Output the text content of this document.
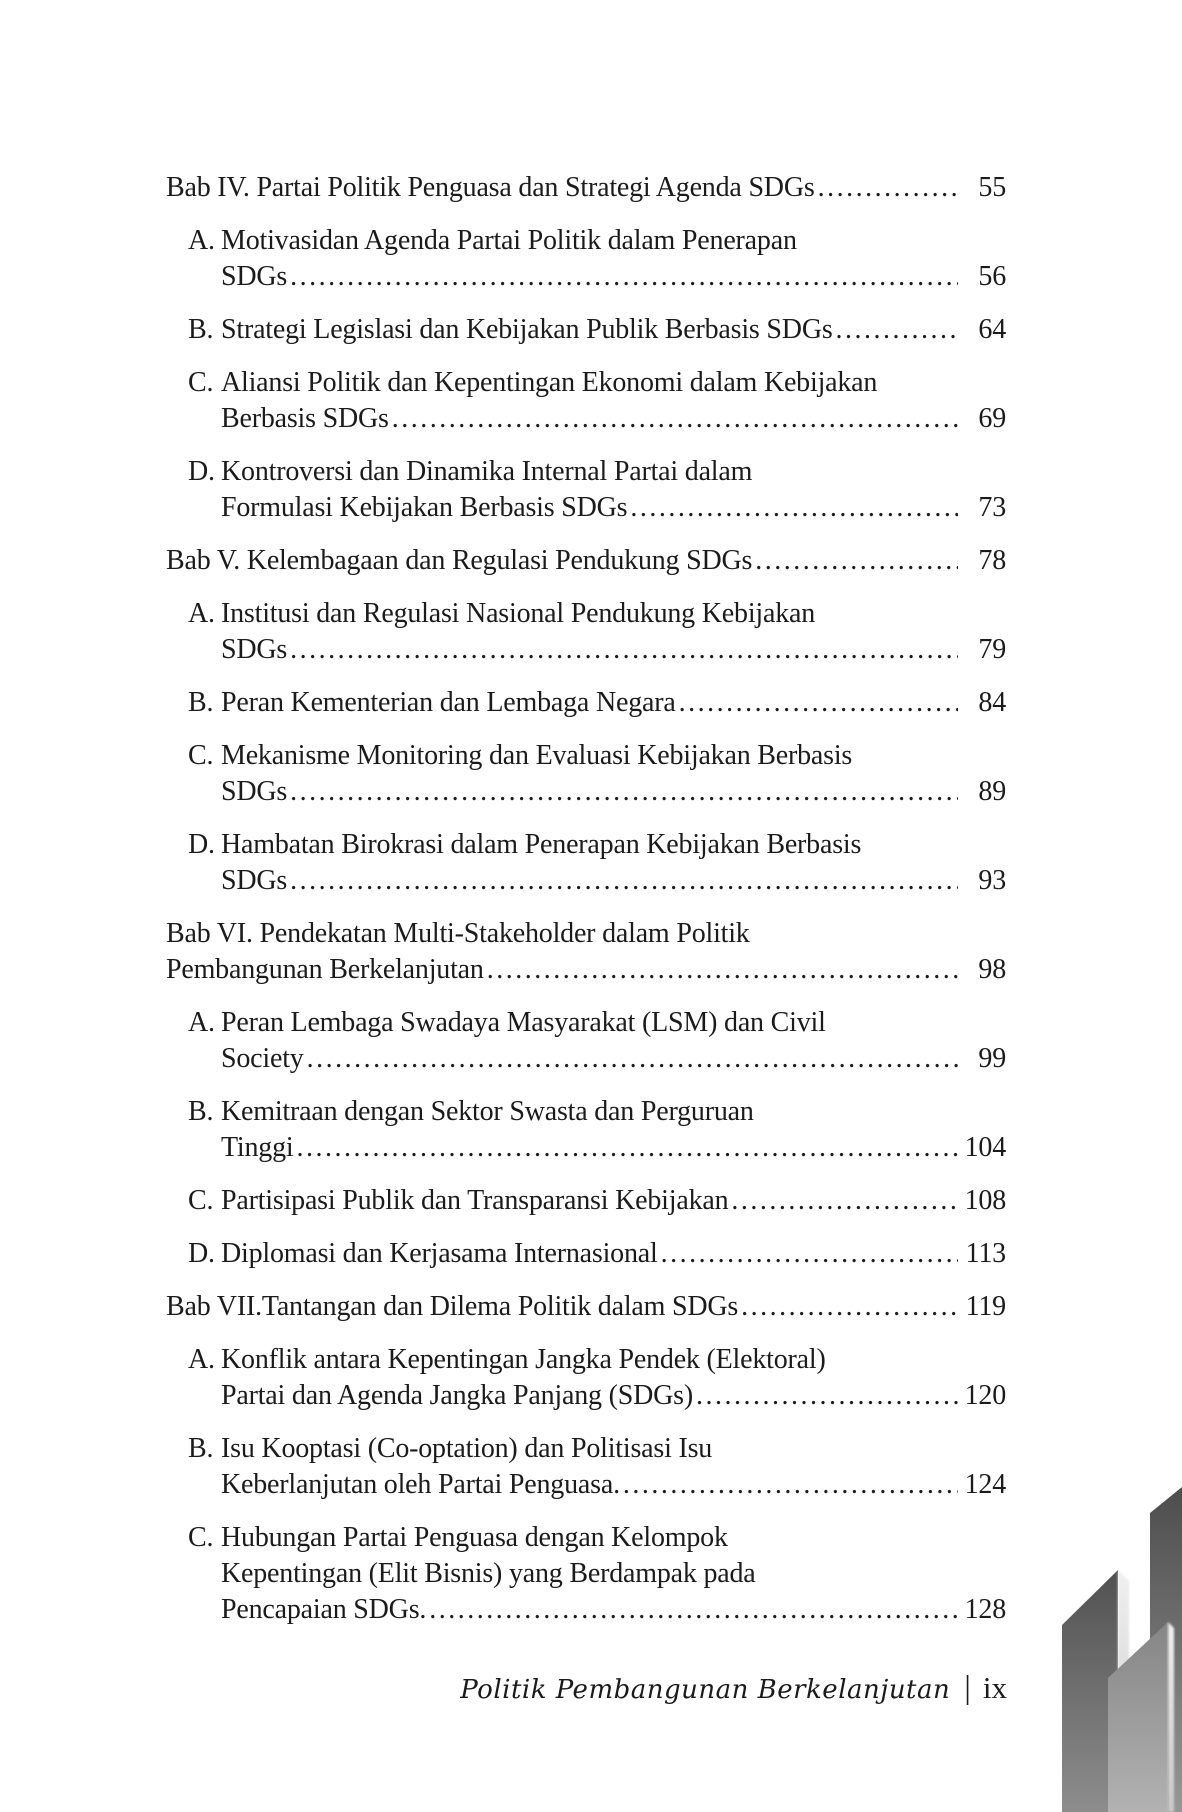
Bab IV. Partai Politik Penguasa dan Strategi Agenda SDGs .....	55
A. Motivasidan Agenda Partai Politik dalam Penerapan
SDGs .....	56
B. Strategi Legislasi dan Kebijakan Publik Berbasis SDGs .....	64
C. Aliansi Politik dan Kepentingan Ekonomi dalam Kebijakan
Berbasis SDGs .....	69
D. Kontroversi dan Dinamika Internal Partai dalam
Formulasi Kebijakan Berbasis SDGs .....	73
Bab V. Kelembagaan dan Regulasi Pendukung SDGs .....	78
A. Institusi dan Regulasi Nasional Pendukung Kebijakan
SDGs .....	79
B. Peran Kementerian dan Lembaga Negara .....	84
C. Mekanisme Monitoring dan Evaluasi Kebijakan Berbasis
SDGs .....	89
D. Hambatan Birokrasi dalam Penerapan Kebijakan Berbasis
SDGs .....	93
Bab VI. Pendekatan Multi-Stakeholder dalam Politik
Pembangunan Berkelanjutan .....	98
A. Peran Lembaga Swadaya Masyarakat (LSM) dan Civil
Society .....	99
B. Kemitraan dengan Sektor Swasta dan Perguruan
Tinggi .....	104
C. Partisipasi Publik dan Transparansi Kebijakan .....	108
D. Diplomasi dan Kerjasama Internasional .....	113
Bab VII.Tantangan dan Dilema Politik dalam SDGs .....	119
A. Konflik antara Kepentingan Jangka Pendek (Elektoral)
Partai dan Agenda Jangka Panjang (SDGs) .....	120
B. Isu Kooptasi (Co-optation) dan Politisasi Isu
Keberlanjutan oleh Partai Penguasa. .....	124
C. Hubungan Partai Penguasa dengan Kelompok
Kepentingan (Elit Bisnis) yang Berdampak pada
Pencapaian SDGs. .....	128
Politik Pembangunan Berkelanjutan | ix
